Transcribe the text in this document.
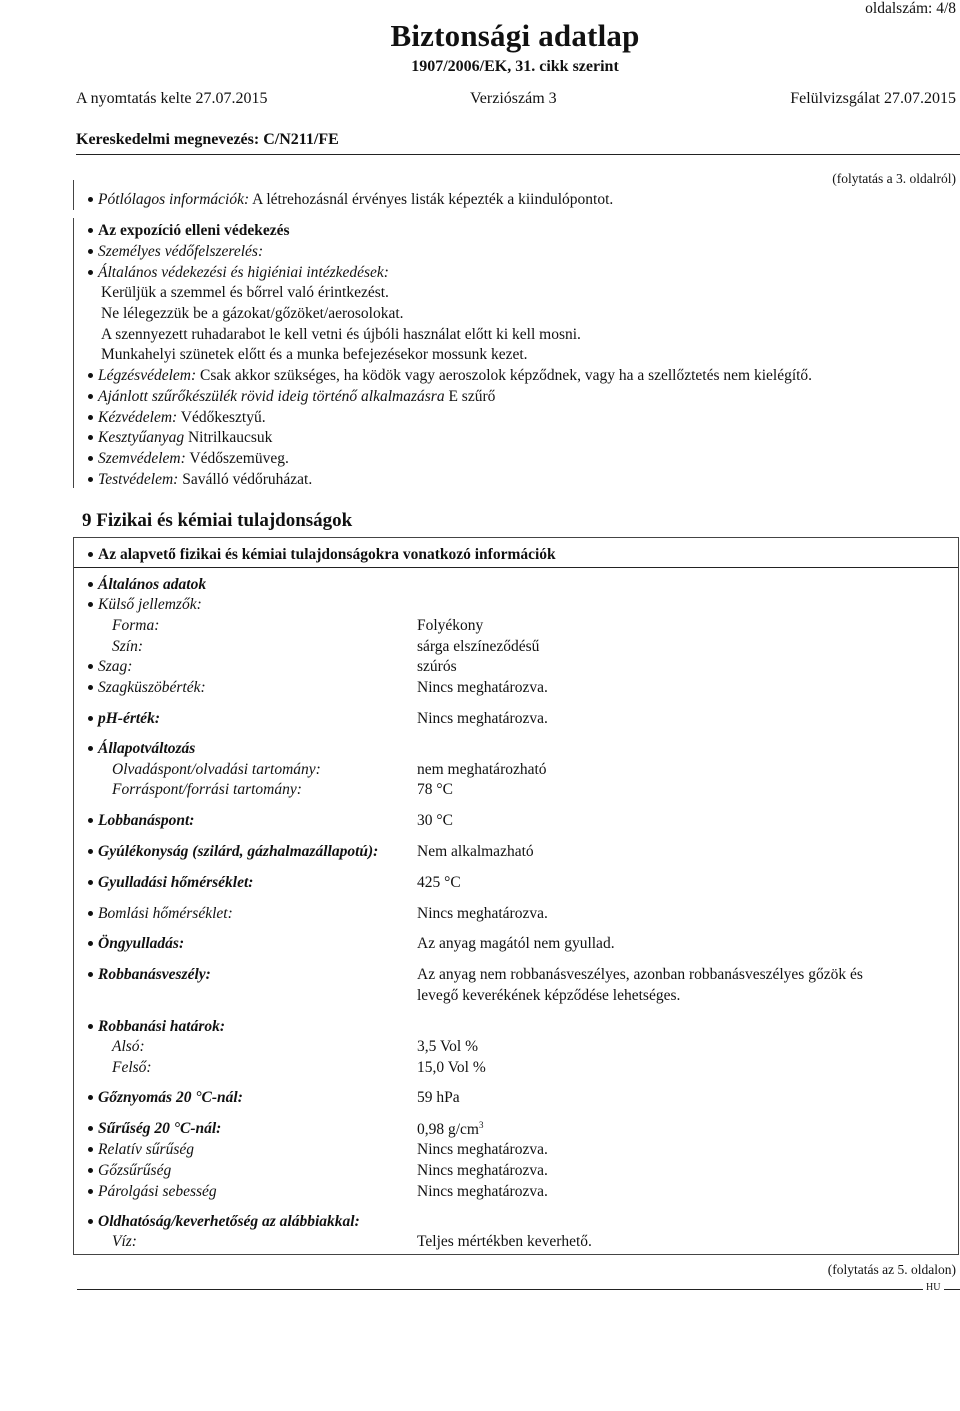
oldalszám: 4/8
Biztonsági adatlap
1907/2006/EK, 31. cikk szerint
A nyomtatás kelte 27.07.2015	Verziószám 3	Felülvizsgálat 27.07.2015
Kereskedelmi megnevezés: C/N211/FE
(folytatás a 3. oldalról)
Pótlólagos információk: A létrehozásnál érvényes listák képezték a kiindulópontot.
Az expozíció elleni védekezés
Személyes védőfelszerelés:
Általános védekezési és higiéniai intézkedések:
Kerüljük a szemmel és bőrrel való érintkezést.
Ne lélegezzük be a gázokat/gőzöket/aerosolokat.
A szennyezett ruhadarabot le kell vetni és újbóli használat előtt ki kell mosni.
Munkahelyi szünetek előtt és a munka befejezésekor mossunk kezet.
Légzésvédelem: Csak akkor szükséges, ha ködök vagy aeroszolok képződnek, vagy ha a szellőztetés nem kielégítő.
Ajánlott szűrőkészülék rövid ideig történő alkalmazásra E szűrő
Kézvédelem: Védőkesztyű.
Kesztyűanyag Nitrilkaucsuk
Szemvédelem: Védőszemüveg.
Testvédelem: Saválló védőruházat.
9 Fizikai és kémiai tulajdonságok
Az alapvető fizikai és kémiai tulajdonságokra vonatkozó információk
Általános adatok
Külső jellemzők:
Forma:	Folyékony
Szín:	sárga elszíneződésű
Szag:	szúrós
Szagküszöbérték:	Nincs meghatározva.
pH-érték:	Nincs meghatározva.
Állapotváltozás
Olvadáspont/olvadási tartomány:	nem meghatározható
Forráspont/forrási tartomány:	78 °C
Lobbanáspont:	30 °C
Gyúlékonyság (szilárd, gázhalmazállapotú): Nem alkalmazható
Gyulladási hőmérséklet:	425 °C
Bomlási hőmérséklet:	Nincs meghatározva.
Öngyulladás:	Az anyag magától nem gyullad.
Robbanásveszély:	Az anyag nem robbanásveszélyes, azonban robbanásveszélyes gőzök és
levegő keverékének képződése lehetséges.
Robbanási határok:
Alsó:	3,5 Vol %
Felső:	15,0 Vol %
Gőznyomás 20 °C-nál:	59 hPa
Sűrűség 20 °C-nál:	0,98 $g/cm^3$
Relatív sűrűség	Nincs meghatározva.
Gőzsűrűség	Nincs meghatározva.
Párolgási sebesség	Nincs meghatározva.
Oldhatóság/keverhetőség az alábbiakkal:
Víz:	Teljes mértékben keverhető.
(folytatás az 5. oldalon)
HU
